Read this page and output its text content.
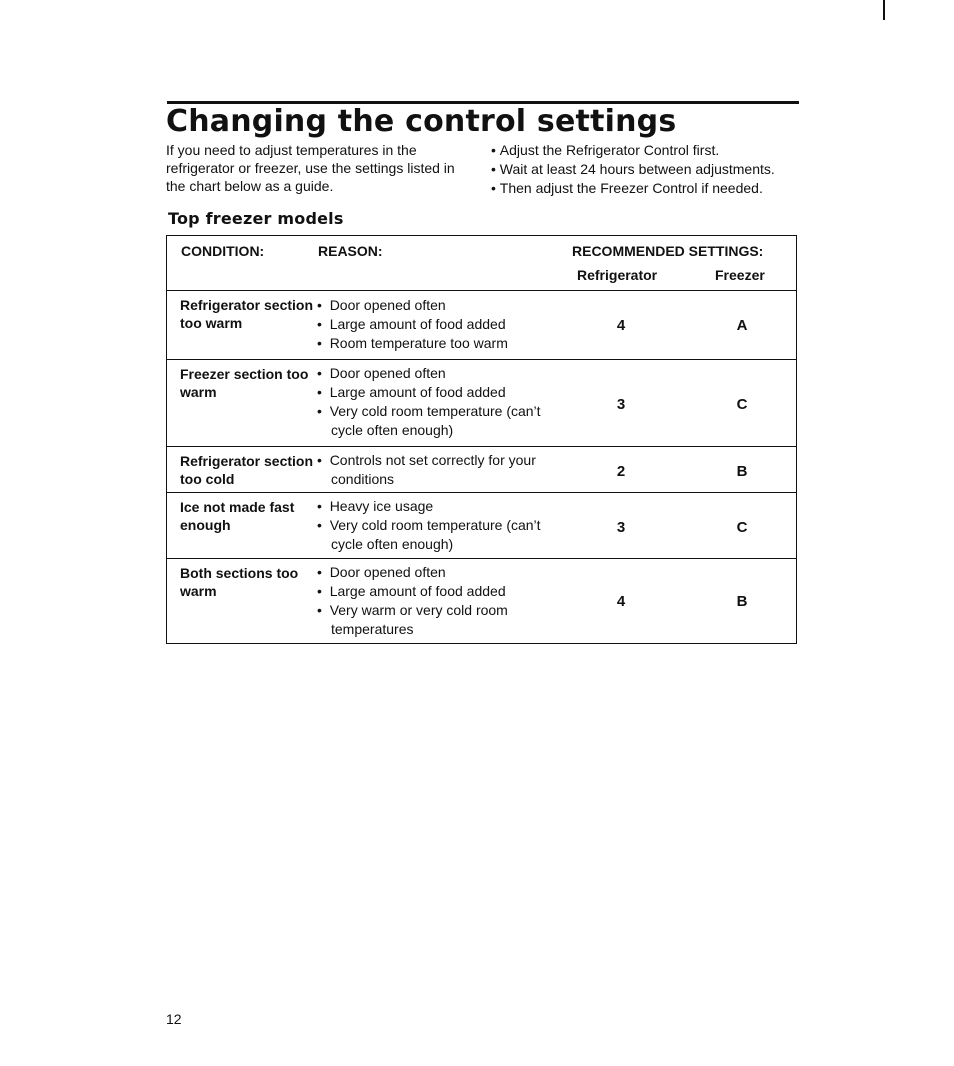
Changing the control settings
If you need to adjust temperatures in the refrigerator or freezer, use the settings listed in the chart below as a guide.
• Adjust the Refrigerator Control first.
• Wait at least 24 hours between adjustments.
• Then adjust the Freezer Control if needed.
Top freezer models
CONDITION:	REASON:	RECOMMENDED SETTINGS:
Refrigerator	Freezer
Refrigerator section too warm
•  Door opened often
•  Large amount of food added
•  Room temperature too warm
4	A
Freezer section too warm
•  Door opened often
•  Large amount of food added
•  Very cold room temperature (can’t cycle often enough)
3	C
Refrigerator section too cold
•  Controls not set correctly for your conditions	2	B
Ice not made fast enough
•  Heavy ice usage
•  Very cold room temperature (can’t cycle often enough)
3	C
Both sections too warm
•  Door opened often
•  Large amount of food added
•  Very warm or very cold room temperatures
4	B
12
